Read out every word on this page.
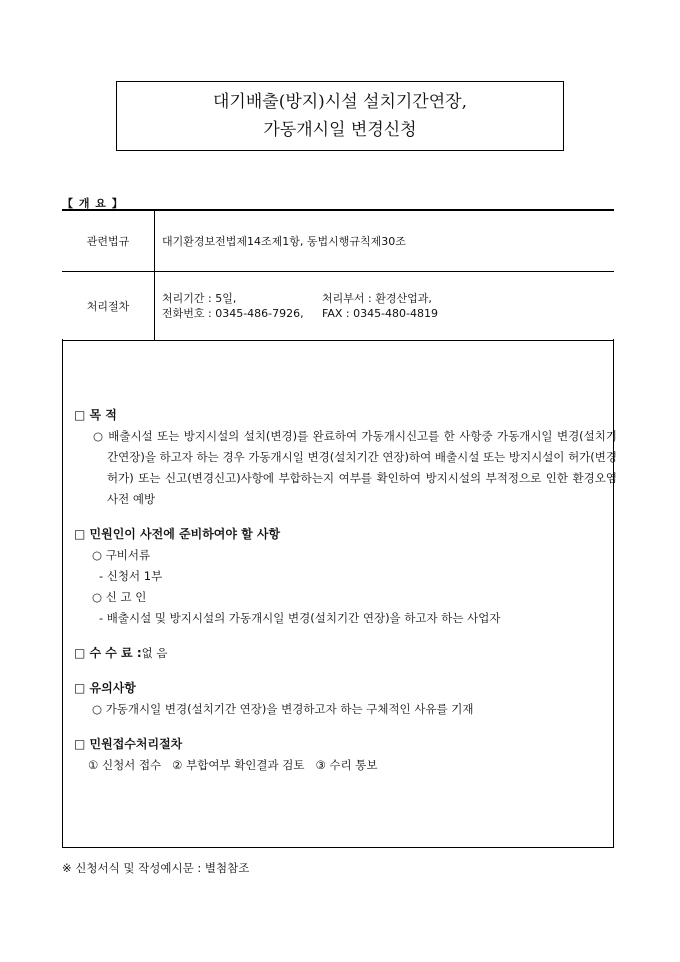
대기배출(방지)시설 설치기간연장,
가동개시일 변경신청
【 개 요 】
관련법규	대기환경보전법제14조제1항, 동법시행규칙제30조
처리절차	처리기간 : 5일, 처리부서 : 환경산업과,
전화번호 : 0345-486-7926, FAX : 0345-480-4819
□ 목 적
○ 배출시설 또는 방지시설의 설치(변경)를 완료하여 가동개시신고를 한 사항중 가동개시일 변경(설치기간연장)을 하고자 하는 경우 가동개시일 변경(설치기간 연장)하여 배출시설 또는 방지시설이 허가(변경허가) 또는 신고(변경신고)사항에 부합하는지 여부를 확인하여 방지시설의 부적정으로 인한 환경오염 사전 예방
□ 민원인이 사전에 준비하여야 할 사항
○ 구비서류
- 신청서 1부
○ 신 고 인
- 배출시설 및 방지시설의 가동개시일 변경(설치기간 연장)을 하고자 하는 사업자
□ 수 수 료 :없 음
□ 유의사항
○ 가동개시일 변경(설치기간 연장)을 변경하고자 하는 구체적인 사유를 기재
□ 민원접수처리절차
① 신청서 접수   ② 부합여부 확인결과 검토   ③ 수리 통보
※ 신청서식 및 작성예시문 : 별첨참조
